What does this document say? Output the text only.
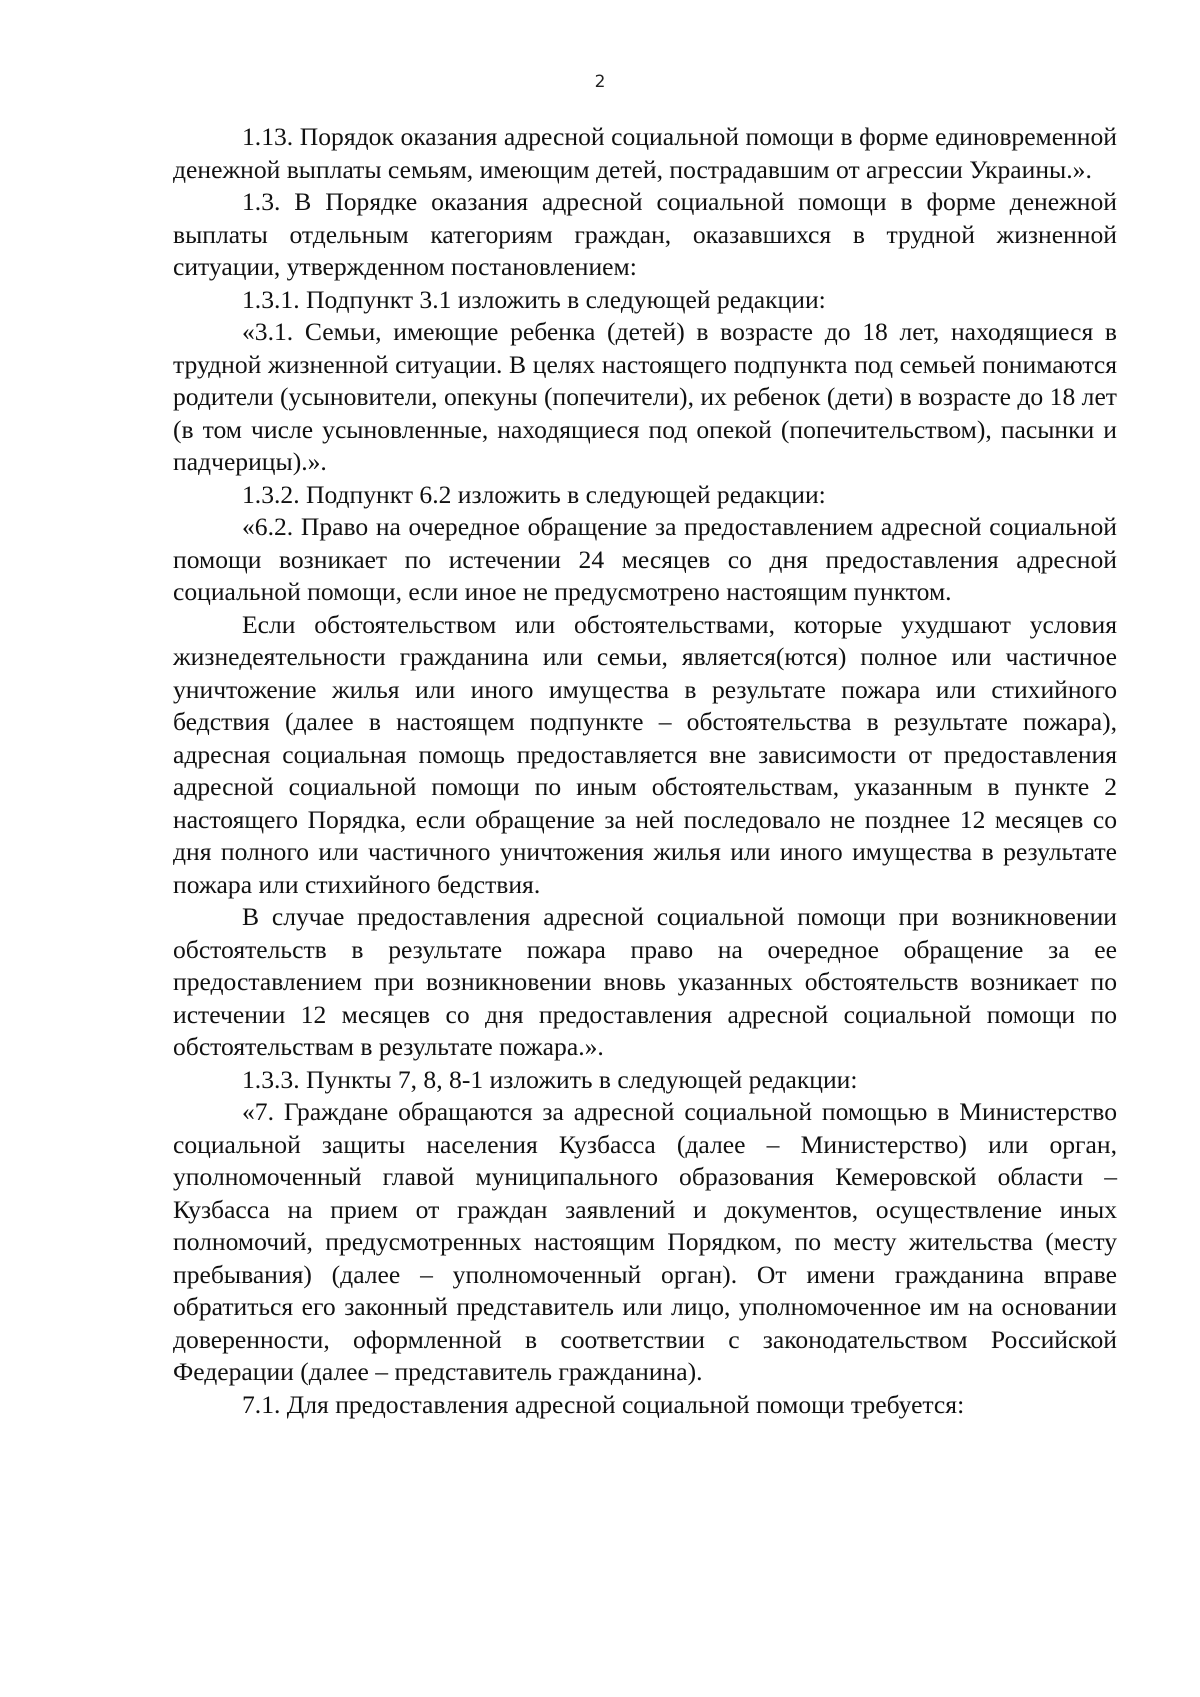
2

1.13. Порядок оказания адресной социальной помощи в форме единовременной денежной выплаты семьям, имеющим детей, пострадавшим от агрессии Украины.».

1.3. В Порядке оказания адресной социальной помощи в форме денежной выплаты отдельным категориям граждан, оказавшихся в трудной жизненной ситуации, утвержденном постановлением:

1.3.1. Подпункт 3.1 изложить в следующей редакции:

«3.1. Семьи, имеющие ребенка (детей) в возрасте до 18 лет, находящиеся в трудной жизненной ситуации. В целях настоящего подпункта под семьей понимаются родители (усыновители, опекуны (попечители), их ребенок (дети) в возрасте до 18 лет (в том числе усыновленные, находящиеся под опекой (попечительством), пасынки и падчерицы).».

1.3.2. Подпункт 6.2 изложить в следующей редакции:

«6.2. Право на очередное обращение за предоставлением адресной социальной помощи возникает по истечении 24 месяцев со дня предоставления адресной социальной помощи, если иное не предусмотрено настоящим пунктом.

Если обстоятельством или обстоятельствами, которые ухудшают условия жизнедеятельности гражданина или семьи, является(ются) полное или частичное уничтожение жилья или иного имущества в результате пожара или стихийного бедствия (далее в настоящем подпункте – обстоятельства в результате пожара), адресная социальная помощь предоставляется вне зависимости от предоставления адресной социальной помощи по иным обстоятельствам, указанным в пункте 2 настоящего Порядка, если обращение за ней последовало не позднее 12 месяцев со дня полного или частичного уничтожения жилья или иного имущества в результате пожара или стихийного бедствия.

В случае предоставления адресной социальной помощи при возникновении обстоятельств в результате пожара право на очередное обращение за ее предоставлением при возникновении вновь указанных обстоятельств возникает по истечении 12 месяцев со дня предоставления адресной социальной помощи по обстоятельствам в результате пожара.».

1.3.3. Пункты 7, 8, 8-1 изложить в следующей редакции:

«7. Граждане обращаются за адресной социальной помощью в Министерство социальной защиты населения Кузбасса (далее – Министерство) или орган, уполномоченный главой муниципального образования Кемеровской области – Кузбасса на прием от граждан заявлений и документов, осуществление иных полномочий, предусмотренных настоящим Порядком, по месту жительства (месту пребывания) (далее – уполномоченный орган). От имени гражданина вправе обратиться его законный представитель или лицо, уполномоченное им на основании доверенности, оформленной в соответствии с законодательством Российской Федерации (далее – представитель гражданина).

7.1. Для предоставления адресной социальной помощи требуется:
